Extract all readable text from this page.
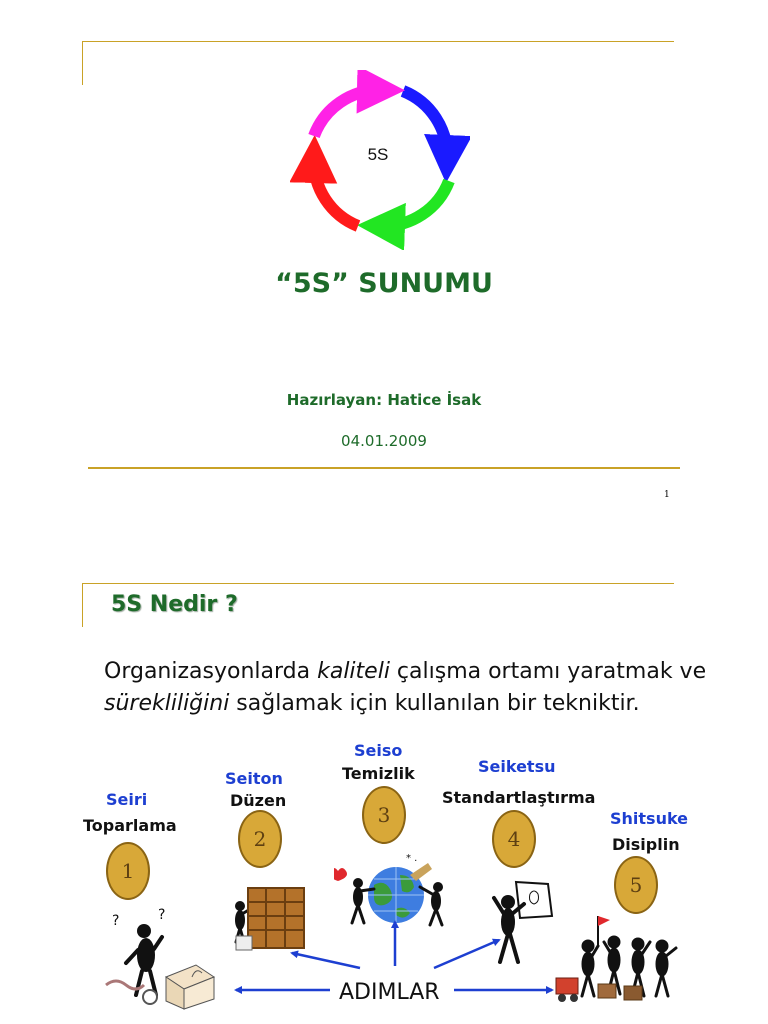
5S
“5S” SUNUMU
Hazırlayan: Hatice İsak
04.01.2009
1
5S Nedir ?
Organizasyonlarda kaliteli çalışma ortamı yaratmak ve sürekliliğini sağlamak için kullanılan bir tekniktir.
Seiri
Toparlama
1
Seiton
Düzen
2
Seiso
Temizlik
3
Seiketsu
Standartlaştırma
4
Shitsuke
Disiplin
5
?	?
* .
ADIMLAR
